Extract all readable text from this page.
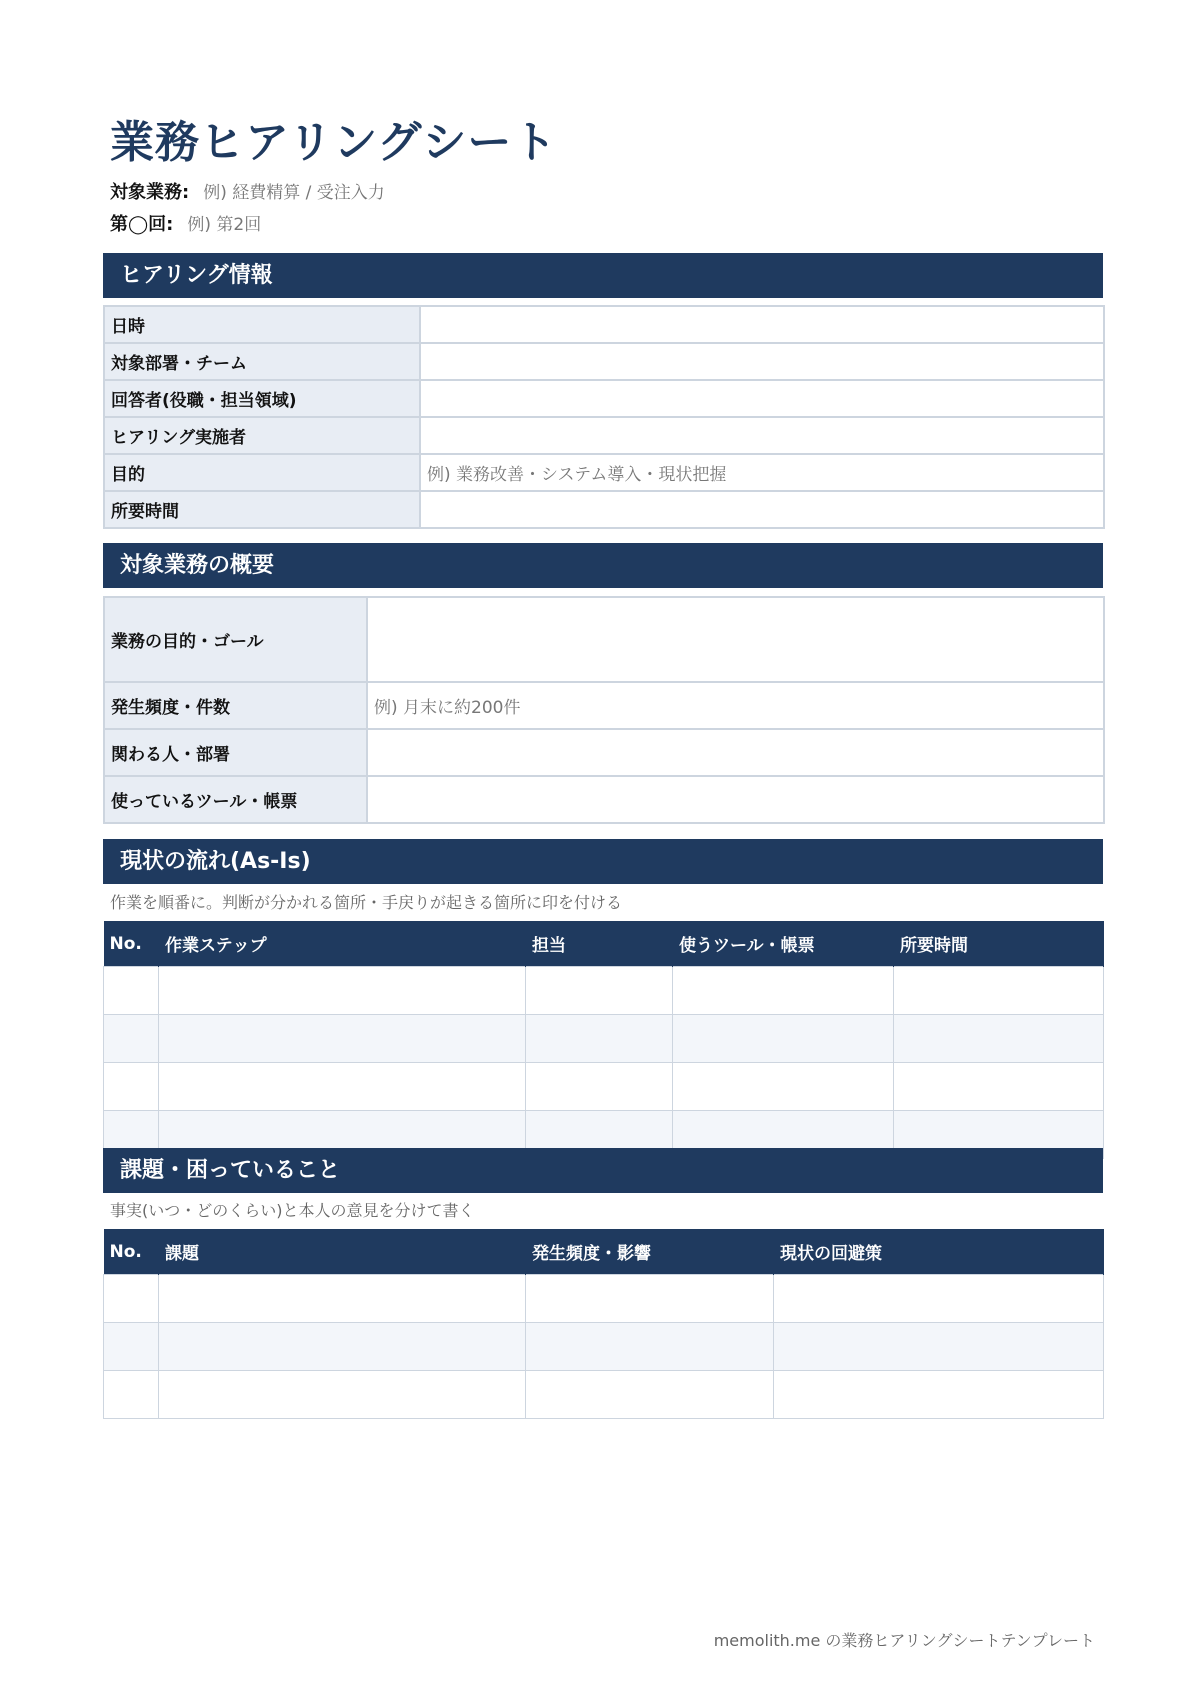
業務ヒアリングシート
対象業務: 例) 経費精算 / 受注入力
第◯回: 例) 第2回
ヒアリング情報
日時	
対象部署・チーム	
回答者(役職・担当領域)	
ヒアリング実施者	
目的	例) 業務改善・システム導入・現状把握
所要時間	
対象業務の概要
業務の目的・ゴール	
発生頻度・件数	例) 月末に約200件
関わる人・部署	
使っているツール・帳票	
現状の流れ(As-Is)
作業を順番に。判断が分かれる箇所・手戻りが起きる箇所に印を付ける
No.	作業ステップ	担当	使うツール・帳票	所要時間

課題・困っていること
事実(いつ・どのくらい)と本人の意見を分けて書く
No.	課題	発生頻度・影響	現状の回避策

memolith.me の業務ヒアリングシートテンプレート
